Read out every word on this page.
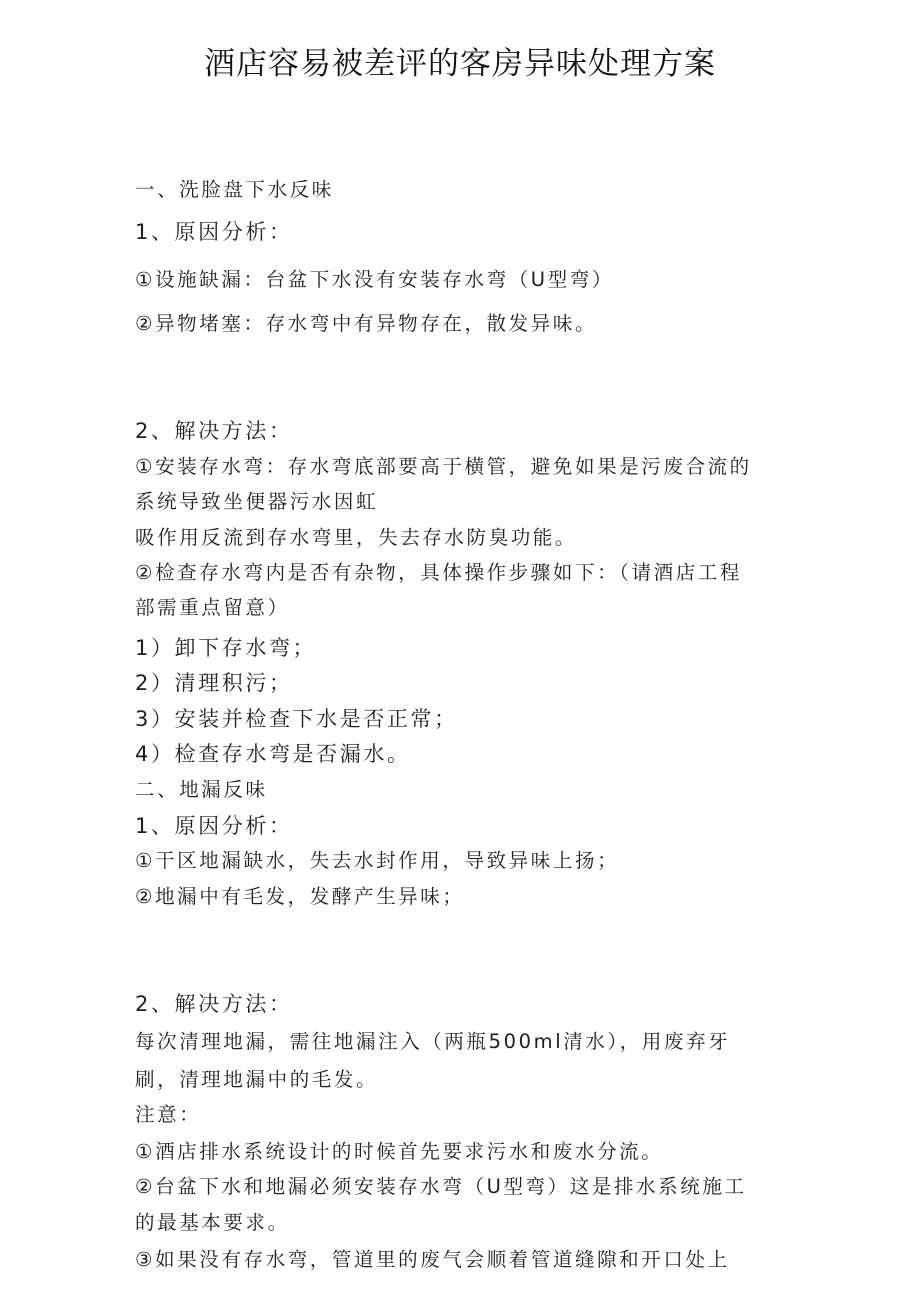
酒店容易被差评的客房异味处理方案
一、洗脸盘下水反味
1、原因分析：
①设施缺漏：台盆下水没有安装存水弯（U型弯）
②异物堵塞：存水弯中有异物存在，散发异味。
2、解决方法：
①安装存水弯：存水弯底部要高于横管，避免如果是污废合流的
系统导致坐便器污水因虹
吸作用反流到存水弯里，失去存水防臭功能。
②检查存水弯内是否有杂物，具体操作步骤如下：（请酒店工程
部需重点留意）
1）卸下存水弯；
2）清理积污；
3）安装并检查下水是否正常；
4）检查存水弯是否漏水。
二、地漏反味
1、原因分析：
①干区地漏缺水，失去水封作用，导致异味上扬；
②地漏中有毛发，发酵产生异味；
2、解决方法：
每次清理地漏，需往地漏注入（两瓶500ml清水），用废弃牙
刷，清理地漏中的毛发。
注意：
①酒店排水系统设计的时候首先要求污水和废水分流。
②台盆下水和地漏必须安装存水弯（U型弯）这是排水系统施工
的最基本要求。
③如果没有存水弯，管道里的废气会顺着管道缝隙和开口处上
